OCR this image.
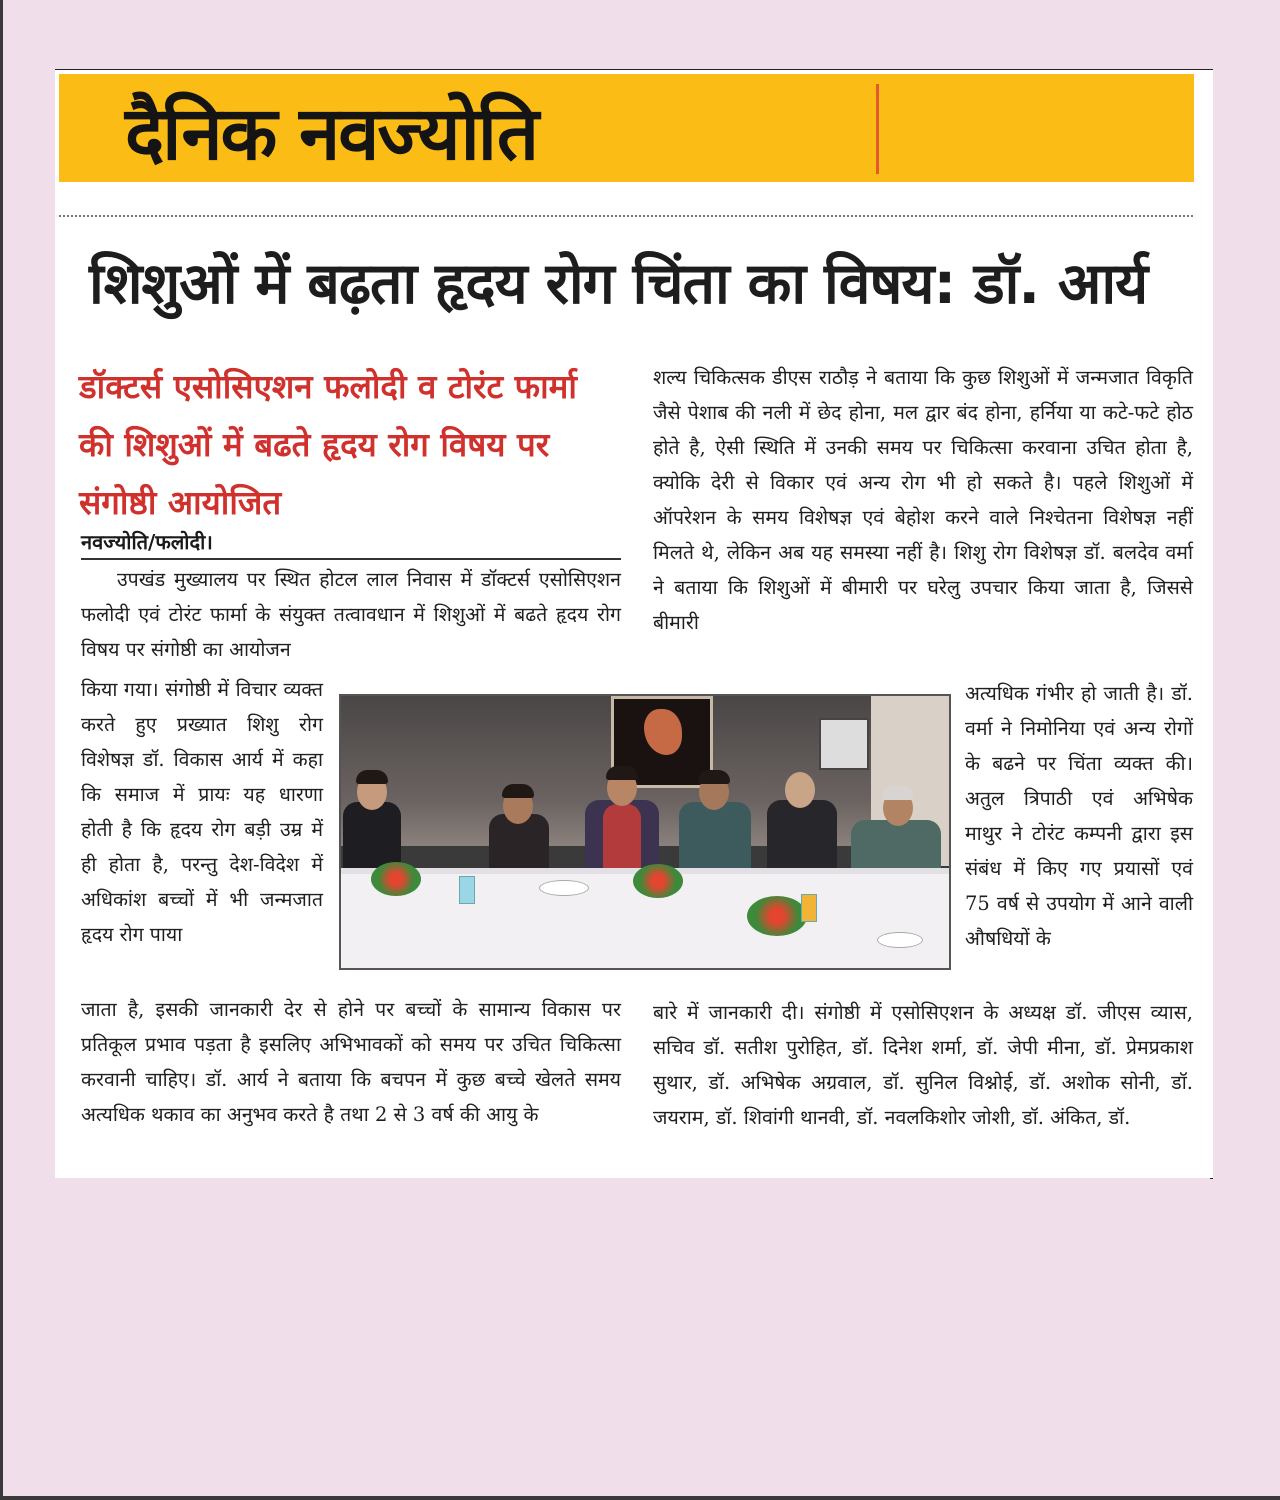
दैनिक नवज्योति
शिशुओं में बढ़ता हृदय रोग चिंता का विषय: डॉ. आर्य
डॉक्टर्स एसोसिएशन फलोदी व टोरंट फार्मा की शिशुओं में बढते हृदय रोग विषय पर संगोष्ठी आयोजित
नवज्योति/फलोदी।

उपखंड मुख्यालय पर स्थित होटल लाल निवास में डॉक्टर्स एसोसिएशन फलोदी एवं टोरंट फार्मा के संयुक्त तत्वावधान में शिशुओं में बढते हृदय रोग विषय पर संगोष्ठी का आयोजन

किया गया। संगोष्ठी में विचार व्यक्त करते हुए प्रख्यात शिशु रोग विशेषज्ञ डॉ. विकास आर्य में कहा कि समाज में प्रायः यह धारणा होती है कि हृदय रोग बड़ी उम्र में ही होता है, परन्तु देश-विदेश में अधिकांश बच्चों में भी जन्मजात हृदय रोग पाया

जाता है, इसकी जानकारी देर से होने पर बच्चों के सामान्य विकास पर प्रतिकूल प्रभाव पड़ता है इसलिए अभिभावकों को समय पर उचित चिकित्सा करवानी चाहिए। डॉ. आर्य ने बताया कि बचपन में कुछ बच्चे खेलते समय अत्यधिक थकाव का अनुभव करते है तथा 2 से 3 वर्ष की आयु के

शल्य चिकित्सक डीएस राठौड़ ने बताया कि कुछ शिशुओं में जन्मजात विकृति जैसे पेशाब की नली में छेद होना, मल द्वार बंद होना, हर्निया या कटे-फटे होठ होते है, ऐसी स्थिति में उनकी समय पर चिकित्सा करवाना उचित होता है, क्योकि देरी से विकार एवं अन्य रोग भी हो सकते है। पहले शिशुओं में ऑपरेशन के समय विशेषज्ञ एवं बेहोश करने वाले निश्चेतना विशेषज्ञ नहीं मिलते थे, लेकिन अब यह समस्या नहीं है। शिशु रोग विशेषज्ञ डॉ. बलदेव वर्मा ने बताया कि शिशुओं में बीमारी पर घरेलु उपचार किया जाता है, जिससे बीमारी

अत्यधिक गंभीर हो जाती है। डॉ. वर्मा ने निमोनिया एवं अन्य रोगों के बढने पर चिंता व्यक्त की। अतुल त्रिपाठी एवं अभिषेक माथुर ने टोरंट कम्पनी द्वारा इस संबंध में किए गए प्रयासों एवं 75 वर्ष से उपयोग में आने वाली औषधियों के

बारे में जानकारी दी। संगोष्ठी में एसोसिएशन के अध्यक्ष डॉ. जीएस व्यास, सचिव डॉ. सतीश पुरोहित, डॉ. दिनेश शर्मा, डॉ. जेपी मीना, डॉ. प्रेमप्रकाश सुथार, डॉ. अभिषेक अग्रवाल, डॉ. सुनिल विश्नोई, डॉ. अशोक सोनी, डॉ. जयराम, डॉ. शिवांगी थानवी, डॉ. नवलकिशोर जोशी, डॉ. अंकित, डॉ.
